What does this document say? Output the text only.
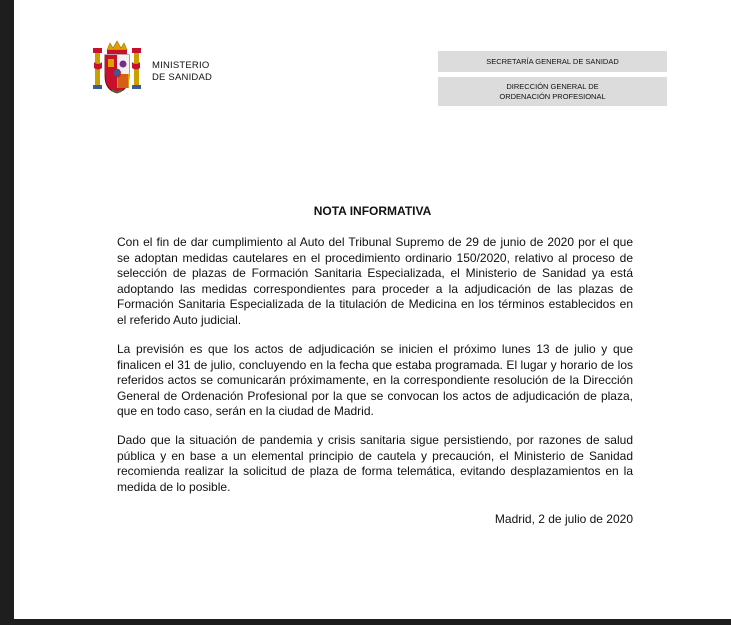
MINISTERIO
DE SANIDAD
SECRETARÍA GENERAL DE SANIDAD
DIRECCIÓN GENERAL DE
ORDENACIÓN PROFESIONAL
NOTA INFORMATIVA
Con el fin de dar cumplimiento al Auto del Tribunal Supremo de 29 de junio de 2020 por el que se adoptan medidas cautelares en el procedimiento ordinario 150/2020, relativo al proceso de selección de plazas de Formación Sanitaria Especializada, el Ministerio de Sanidad ya está adoptando las medidas correspondientes para proceder a la adjudicación de las plazas de Formación Sanitaria Especializada de la titulación de Medicina en los términos establecidos en el referido Auto judicial.
La previsión es que los actos de adjudicación se inicien el próximo lunes 13 de julio y que finalicen el 31 de julio, concluyendo en la fecha que estaba programada. El lugar y horario de los referidos actos se comunicarán próximamente, en la correspondiente resolución de la Dirección General de Ordenación Profesional por la que se convocan los actos de adjudicación de plaza, que en todo caso, serán en la ciudad de Madrid.
Dado que la situación de pandemia y crisis sanitaria sigue persistiendo, por razones de salud pública y en base a un elemental principio de cautela y precaución, el Ministerio de Sanidad recomienda realizar la solicitud de plaza de forma telemática, evitando desplazamientos en la medida de lo posible.
Madrid, 2 de julio de 2020
